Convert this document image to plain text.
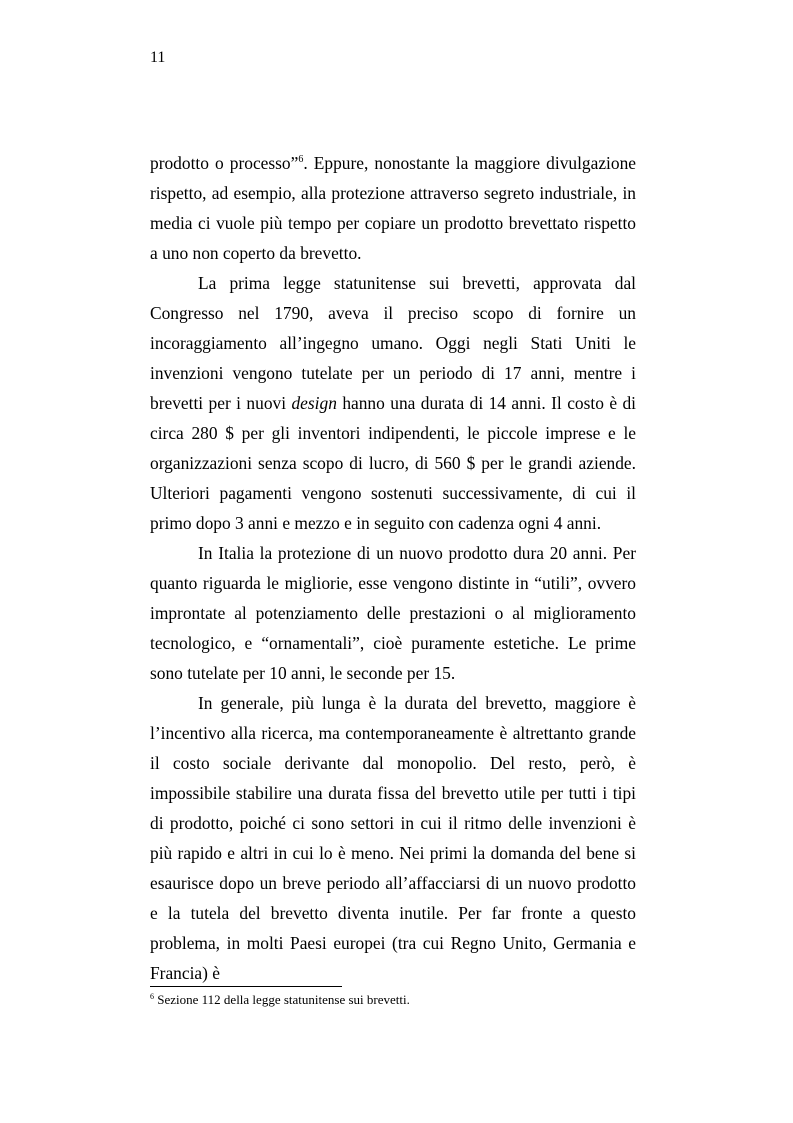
11

prodotto o processo”$^6$. Eppure, nonostante la maggiore divulgazione rispetto, ad esempio, alla protezione attraverso segreto industriale, in media ci vuole più tempo per copiare un prodotto brevettato rispetto a uno non coperto da brevetto.

La prima legge statunitense sui brevetti, approvata dal Congresso nel 1790, aveva il preciso scopo di fornire un incoraggiamento all’ingegno umano. Oggi negli Stati Uniti le invenzioni vengono tutelate per un periodo di 17 anni, mentre i brevetti per i nuovi design hanno una durata di 14 anni. Il costo è di circa 280 $ per gli inventori indipendenti, le piccole imprese e le organizzazioni senza scopo di lucro, di 560 $ per le grandi aziende. Ulteriori pagamenti vengono sostenuti successivamente, di cui il primo dopo 3 anni e mezzo e in seguito con cadenza ogni 4 anni.

In Italia la protezione di un nuovo prodotto dura 20 anni. Per quanto riguarda le migliorie, esse vengono distinte in “utili”, ovvero improntate al potenziamento delle prestazioni o al miglioramento tecnologico, e “ornamentali”, cioè puramente estetiche. Le prime sono tutelate per 10 anni, le seconde per 15.

In generale, più lunga è la durata del brevetto, maggiore è l’incentivo alla ricerca, ma contemporaneamente è altrettanto grande il costo sociale derivante dal monopolio. Del resto, però, è impossibile stabilire una durata fissa del brevetto utile per tutti i tipi di prodotto, poiché ci sono settori in cui il ritmo delle invenzioni è più rapido e altri in cui lo è meno. Nei primi la domanda del bene si esaurisce dopo un breve periodo all’affacciarsi di un nuovo prodotto e la tutela del brevetto diventa inutile. Per far fronte a questo problema, in molti Paesi europei (tra cui Regno Unito, Germania e Francia) è

$^6$ Sezione 112 della legge statunitense sui brevetti.
